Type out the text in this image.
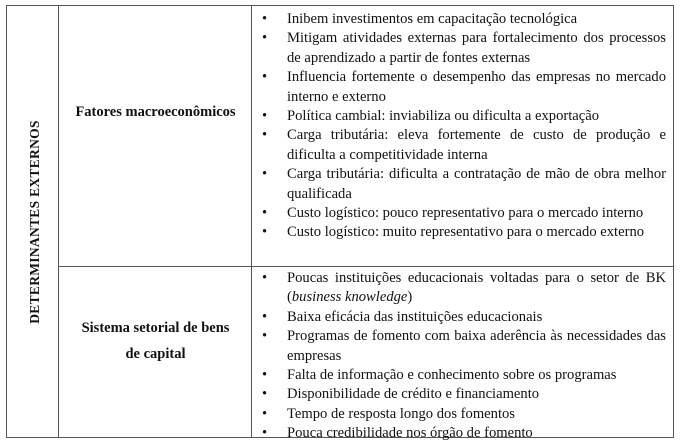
DETERMINANTES EXTERNOS
Fatores macroeconômicos
• Inibem investimentos em capacitação tecnológica
• Mitigam atividades externas para fortalecimento dos processos de aprendizado a partir de fontes externas
• Influencia fortemente o desempenho das empresas no mercado interno e externo
• Política cambial: inviabiliza ou dificulta a exportação
• Carga tributária: eleva fortemente de custo de produção e dificulta a competitividade interna
• Carga tributária: dificulta a contratação de mão de obra melhor qualificada
• Custo logístico: pouco representativo para o mercado interno
• Custo logístico: muito representativo para o mercado externo
Sistema setorial de bens de capital
• Poucas instituições educacionais voltadas para o setor de BK (business knowledge)
• Baixa eficácia das instituições educacionais
• Programas de fomento com baixa aderência às necessidades das empresas
• Falta de informação e conhecimento sobre os programas
• Disponibilidade de crédito e financiamento
• Tempo de resposta longo dos fomentos
• Pouca credibilidade nos órgão de fomento
